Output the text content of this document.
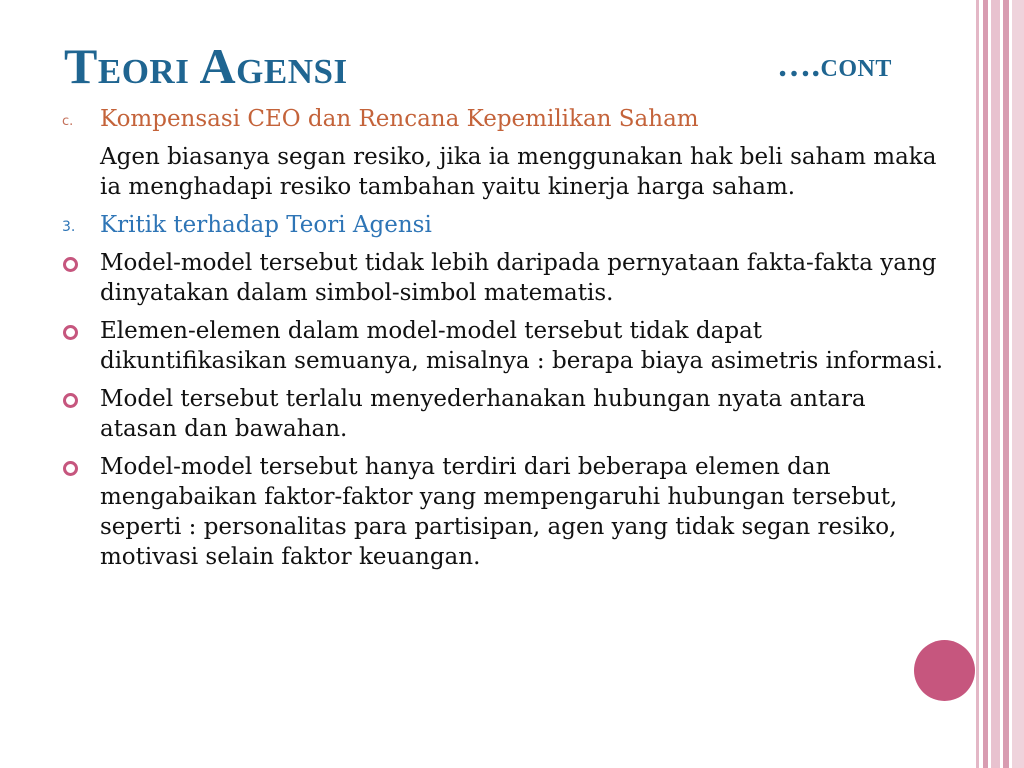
Teori Agensi	….cont
c. Kompensasi CEO dan Rencana Kepemilikan Saham
Agen biasanya segan resiko, jika ia menggunakan hak beli saham maka ia menghadapi resiko tambahan yaitu kinerja harga saham.
3. Kritik terhadap Teori Agensi
Model-model tersebut tidak lebih daripada pernyataan fakta-fakta yang dinyatakan dalam simbol-simbol matematis.
Elemen-elemen dalam model-model tersebut tidak dapat dikuntifikasikan semuanya, misalnya : berapa biaya asimetris informasi.
Model tersebut terlalu menyederhanakan hubungan nyata antara atasan dan bawahan.
Model-model tersebut hanya terdiri dari beberapa elemen dan mengabaikan faktor-faktor yang mempengaruhi hubungan tersebut, seperti : personalitas para partisipan, agen yang tidak segan resiko, motivasi selain faktor keuangan.
